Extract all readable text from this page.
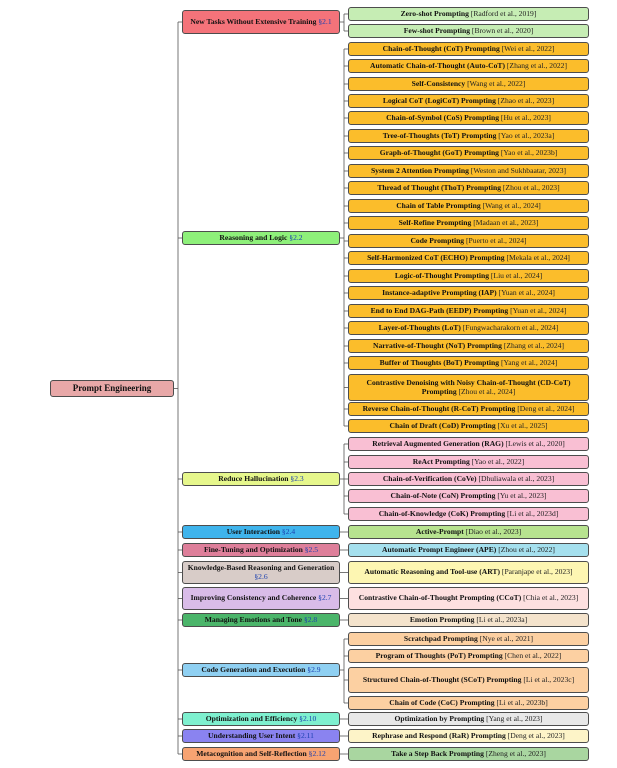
Prompt Engineering
New Tasks Without Extensive Training §2.1
Zero-shot Prompting [Radford et al., 2019]
Few-shot Prompting [Brown et al., 2020]
Reasoning and Logic §2.2
Chain-of-Thought (CoT) Prompting [Wei et al., 2022]
Automatic Chain-of-Thought (Auto-CoT) [Zhang et al., 2022]
Self-Consistency [Wang et al., 2022]
Logical CoT (LogiCoT) Prompting [Zhao et al., 2023]
Chain-of-Symbol (CoS) Prompting [Hu et al., 2023]
Tree-of-Thoughts (ToT) Prompting [Yao et al., 2023a]
Graph-of-Thought (GoT) Prompting [Yao et al., 2023b]
System 2 Attention Prompting [Weston and Sukhbaatar, 2023]
Thread of Thought (ThoT) Prompting [Zhou et al., 2023]
Chain of Table Prompting [Wang et al., 2024]
Self-Refine Prompting [Madaan et al., 2023]
Code Prompting [Puerto et al., 2024]
Self-Harmonized CoT (ECHO) Prompting [Mekala et al., 2024]
Logic-of-Thought Prompting [Liu et al., 2024]
Instance-adaptive Prompting (IAP) [Yuan et al., 2024]
End to End DAG-Path (EEDP) Prompting [Yuan et al., 2024]
Layer-of-Thoughts (LoT) [Fungwacharakorn et al., 2024]
Narrative-of-Thought (NoT) Prompting [Zhang et al., 2024]
Buffer of Thoughts (BoT) Prompting [Yang et al., 2024]
Contrastive Denoising with Noisy Chain-of-Thought (CD-CoT) Prompting [Zhou et al., 2024]
Reverse Chain-of-Thought (R-CoT) Prompting [Deng et al., 2024]
Chain of Draft (CoD) Prompting [Xu et al., 2025]
Reduce Hallucination §2.3
Retrieval Augmented Generation (RAG) [Lewis et al., 2020]
ReAct Prompting [Yao et al., 2022]
Chain-of-Verification (CoVe) [Dhuliawala et al., 2023]
Chain-of-Note (CoN) Prompting [Yu et al., 2023]
Chain-of-Knowledge (CoK) Prompting [Li et al., 2023d]
User Interaction §2.4	Active-Prompt [Diao et al., 2023]
Fine-Tuning and Optimization §2.5	Automatic Prompt Engineer (APE) [Zhou et al., 2022]
Knowledge-Based Reasoning and Generation §2.6	Automatic Reasoning and Tool-use (ART) [Paranjape et al., 2023]
Improving Consistency and Coherence §2.7	Contrastive Chain-of-Thought Prompting (CCoT) [Chia et al., 2023]
Managing Emotions and Tone §2.8	Emotion Prompting [Li et al., 2023a]
Code Generation and Execution §2.9
Scratchpad Prompting [Nye et al., 2021]
Program of Thoughts (PoT) Prompting [Chen et al., 2022]
Structured Chain-of-Thought (SCoT) Prompting [Li et al., 2023c]
Chain of Code (CoC) Prompting [Li et al., 2023b]
Optimization and Efficiency §2.10	Optimization by Prompting [Yang et al., 2023]
Understanding User Intent §2.11	Rephrase and Respond (RaR) Prompting [Deng et al., 2023]
Metacognition and Self-Reflection §2.12	Take a Step Back Prompting [Zheng et al., 2023]
